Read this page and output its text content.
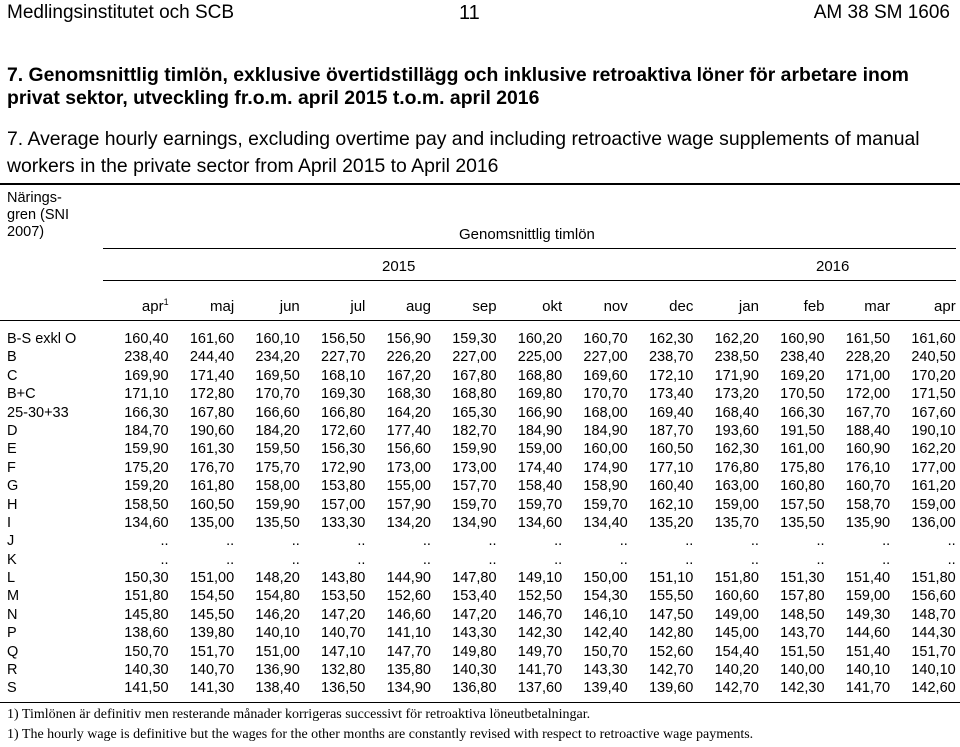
Medlingsinstitutet och SCB	11	AM 38 SM 1606
7. Genomsnittlig timlön, exklusive övertidstillägg och inklusive retroaktiva löner för arbetare inom privat sektor, utveckling fr.o.m. april 2015 t.o.m. april 2016
7. Average hourly earnings, excluding overtime pay and including retroactive wage supplements of manual workers in the private sector from April 2015 to April 2016
Närings-
gren (SNI
2007)	Genomsnittlig timlön
2015	2016
apr$^1$	maj	jun	jul	aug	sep	okt	nov	dec	jan	feb	mar	apr
B-S exkl O	160,40	161,60	160,10	156,50	156,90	159,30	160,20	160,70	162,30	162,20	160,90	161,50	161,60
B	238,40	244,40	234,20	227,70	226,20	227,00	225,00	227,00	238,70	238,50	238,40	228,20	240,50
C	169,90	171,40	169,50	168,10	167,20	167,80	168,80	169,60	172,10	171,90	169,20	171,00	170,20
B+C	171,10	172,80	170,70	169,30	168,30	168,80	169,80	170,70	173,40	173,20	170,50	172,00	171,50
25-30+33	166,30	167,80	166,60	166,80	164,20	165,30	166,90	168,00	169,40	168,40	166,30	167,70	167,60
D	184,70	190,60	184,20	172,60	177,40	182,70	184,90	184,90	187,70	193,60	191,50	188,40	190,10
E	159,90	161,30	159,50	156,30	156,60	159,90	159,00	160,00	160,50	162,30	161,00	160,90	162,20
F	175,20	176,70	175,70	172,90	173,00	173,00	174,40	174,90	177,10	176,80	175,80	176,10	177,00
G	159,20	161,80	158,00	153,80	155,00	157,70	158,40	158,90	160,40	163,00	160,80	160,70	161,20
H	158,50	160,50	159,90	157,00	157,90	159,70	159,70	159,70	162,10	159,00	157,50	158,70	159,00
I	134,60	135,00	135,50	133,30	134,20	134,90	134,60	134,40	135,20	135,70	135,50	135,90	136,00
J	..	..	..	..	..	..	..	..	..	..	..	..	..
K	..	..	..	..	..	..	..	..	..	..	..	..	..
L	150,30	151,00	148,20	143,80	144,90	147,80	149,10	150,00	151,10	151,80	151,30	151,40	151,80
M	151,80	154,50	154,80	153,50	152,60	153,40	152,50	154,30	155,50	160,60	157,80	159,00	156,60
N	145,80	145,50	146,20	147,20	146,60	147,20	146,70	146,10	147,50	149,00	148,50	149,30	148,70
P	138,60	139,80	140,10	140,70	141,10	143,30	142,30	142,40	142,80	145,00	143,70	144,60	144,30
Q	150,70	151,70	151,00	147,10	147,70	149,80	149,70	150,70	152,60	154,40	151,50	151,40	151,70
R	140,30	140,70	136,90	132,80	135,80	140,30	141,70	143,30	142,70	140,20	140,00	140,10	140,10
S	141,50	141,30	138,40	136,50	134,90	136,80	137,60	139,40	139,60	142,70	142,30	141,70	142,60
1) Timlönen är definitiv men resterande månader korrigeras successivt för retroaktiva löneutbetalningar.
1) The hourly wage is definitive but the wages for the other months are constantly revised with respect to retroactive wage payments.
